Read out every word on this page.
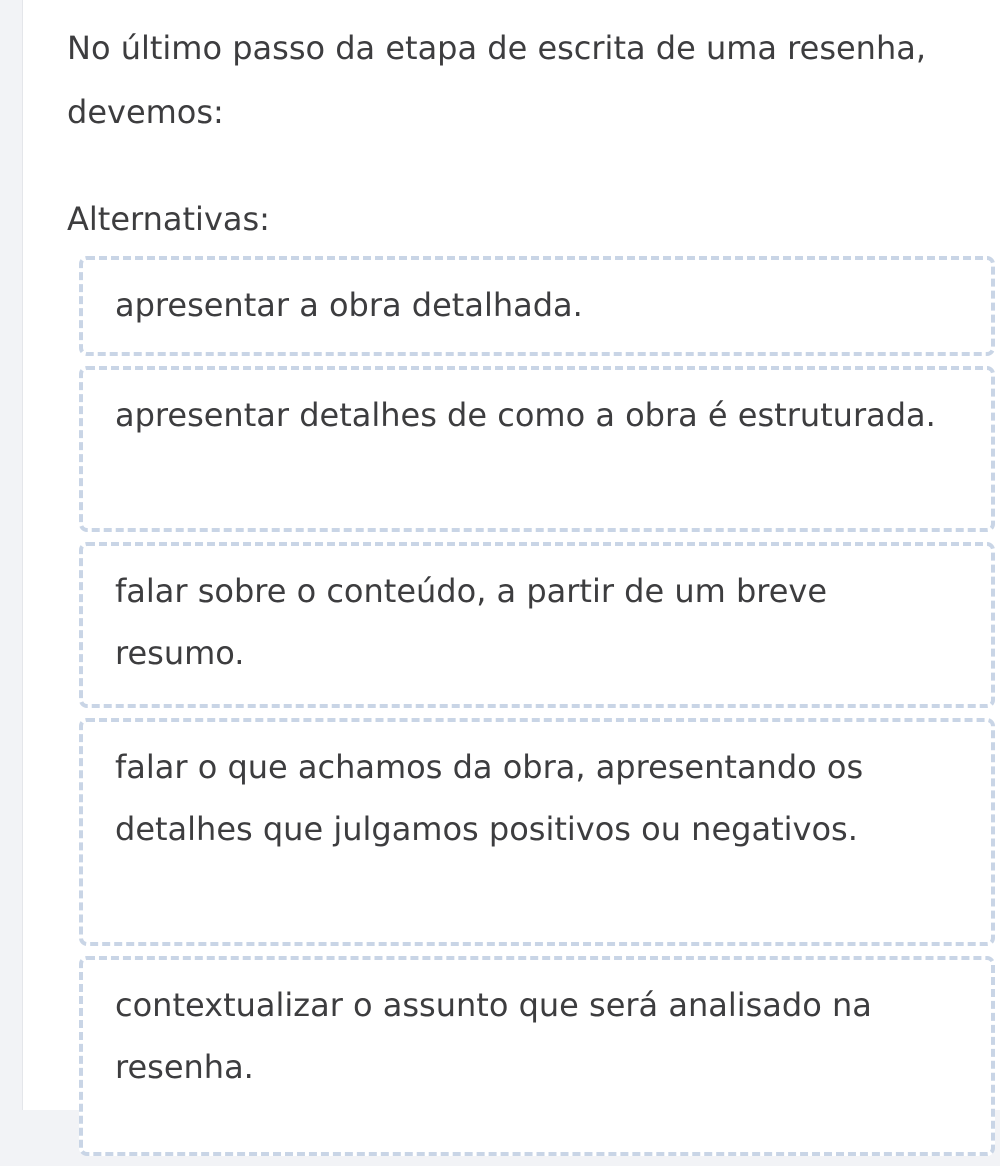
No último passo da etapa de escrita de uma resenha, devemos:

Alternativas:

apresentar a obra detalhada.
apresentar detalhes de como a obra é estruturada.
falar sobre o conteúdo, a partir de um breve resumo.
falar o que achamos da obra, apresentando os detalhes que julgamos positivos ou negativos.
contextualizar o assunto que será analisado na resenha.
